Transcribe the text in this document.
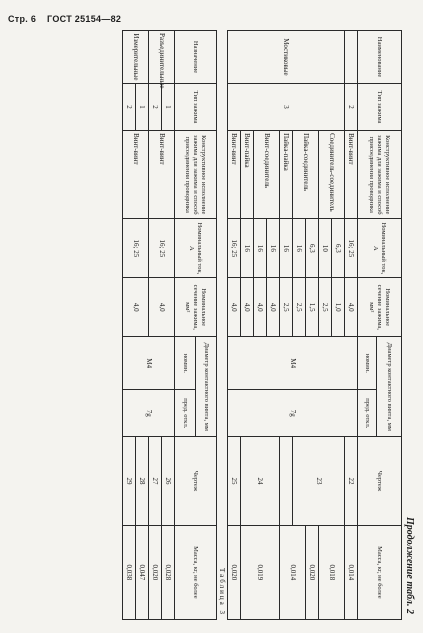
Стр. 6 ГОСТ 25154—82
Продолжение табл. 2
Наименование	Тип зажима	Конструктивное исполнение зажима для зажима и способ присоединения проводника	Номинальный ток, А	Номинальное сечение зажима, мм²	Диаметр контактного винта, мм		Чертеж	Масса, кг, не более
					номин.	пред. откл.		
	2	Винт-винт	16; 25	4,0	M4	7g	22	0,014
Мостиковые	3	Соединитель-соединитель	6,3	1,0			23	0,018
			10	2,5				
		Пайка-соединитель	6,3	1,5				0,020
			16	2,5				0,014
		Пайка-пайка	16	2,5				

		Винт-соединитель	16	4,0			24	0,019
			16	4,0				
		Винт-пайка	16	4,0				

		Винт-винт	16; 25	4,0			25	0,020

Таблица 3
Назначение	Тип зажима	Конструктивное исполнение зажима для зажима и способ присоединения проводника	Номинальный ток, А	Номинальное сечение зажима, мм²	Диаметр контактного винта, мм		Чертеж	Масса, кг, не более
					номин.	пред. откл.		
Разъединительные	1	Винт-винт	16; 25	4,0	M4	7g	26	0,028
	2						27	0,020
Измерительные	1	Винт-винт	16; 25	4,0			28	0,047
	2						29	0,038
